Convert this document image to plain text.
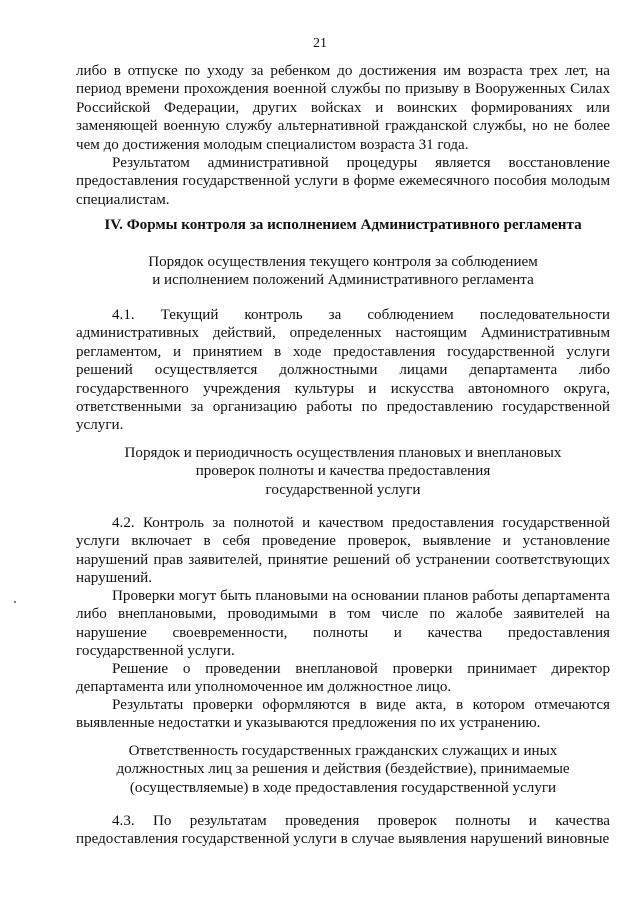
21
либо в отпуске по уходу за ребенком до достижения им возраста трех лет, на период времени прохождения военной службы по призыву в Вооруженных Силах Российской Федерации, других войсках и воинских формированиях или заменяющей военную службу альтернативной гражданской службы, но не более чем до достижения молодым специалистом возраста 31 года.
Результатом административной процедуры является восстановление предоставления государственной услуги в форме ежемесячного пособия молодым специалистам.
IV. Формы контроля за исполнением Административного регламента
Порядок осуществления текущего контроля за соблюдением
и исполнением положений Административного регламента
4.1. Текущий контроль за соблюдением последовательности административных действий, определенных настоящим Административным регламентом, и принятием в ходе предоставления государственной услуги решений осуществляется должностными лицами департамента либо государственного учреждения культуры и искусства автономного округа, ответственными за организацию работы по предоставлению государственной услуги.
Порядок и периодичность осуществления плановых и внеплановых
проверок полноты и качества предоставления
государственной услуги
4.2. Контроль за полнотой и качеством предоставления государственной услуги включает в себя проведение проверок, выявление и установление нарушений прав заявителей, принятие решений об устранении соответствующих нарушений.
Проверки могут быть плановыми на основании планов работы департамента либо внеплановыми, проводимыми в том числе по жалобе заявителей на нарушение своевременности, полноты и качества предоставления государственной услуги.
Решение о проведении внеплановой проверки принимает директор департамента или уполномоченное им должностное лицо.
Результаты проверки оформляются в виде акта, в котором отмечаются выявленные недостатки и указываются предложения по их устранению.
Ответственность государственных гражданских служащих и иных
должностных лиц за решения и действия (бездействие), принимаемые
(осуществляемые) в ходе предоставления государственной услуги
4.3. По результатам проведения проверок полноты и качества предоставления государственной услуги в случае выявления нарушений виновные
